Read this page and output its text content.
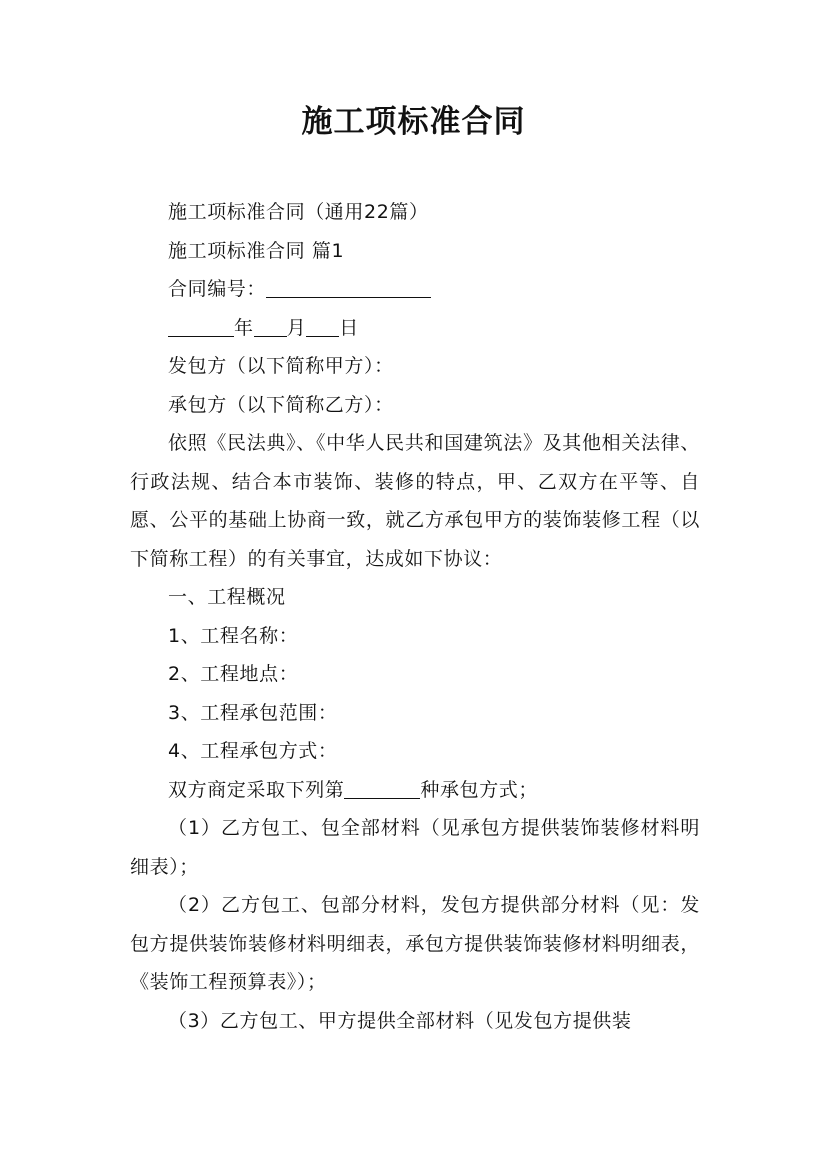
施工项标准合同

施工项标准合同（通用22篇）

施工项标准合同 篇1

合同编号：

年 月 日

发包方（以下简称甲方）：

承包方（以下简称乙方）：

依照《民法典》、《中华人民共和国建筑法》及其他相关法律、行政法规、结合本市装饰、装修的特点，甲、乙双方在平等、自愿、公平的基础上协商一致，就乙方承包甲方的装饰装修工程（以下简称工程）的有关事宜，达成如下协议：

一、工程概况

1、工程名称：

2、工程地点：

3、工程承包范围：

4、工程承包方式：

双方商定采取下列第	种承包方式；

（1）乙方包工、包全部材料（见承包方提供装饰装修材料明细表）；

（2）乙方包工、包部分材料，发包方提供部分材料（见：发包方提供装饰装修材料明细表，承包方提供装饰装修材料明细表，《装饰工程预算表》）；

（3）乙方包工、甲方提供全部材料（见发包方提供装
